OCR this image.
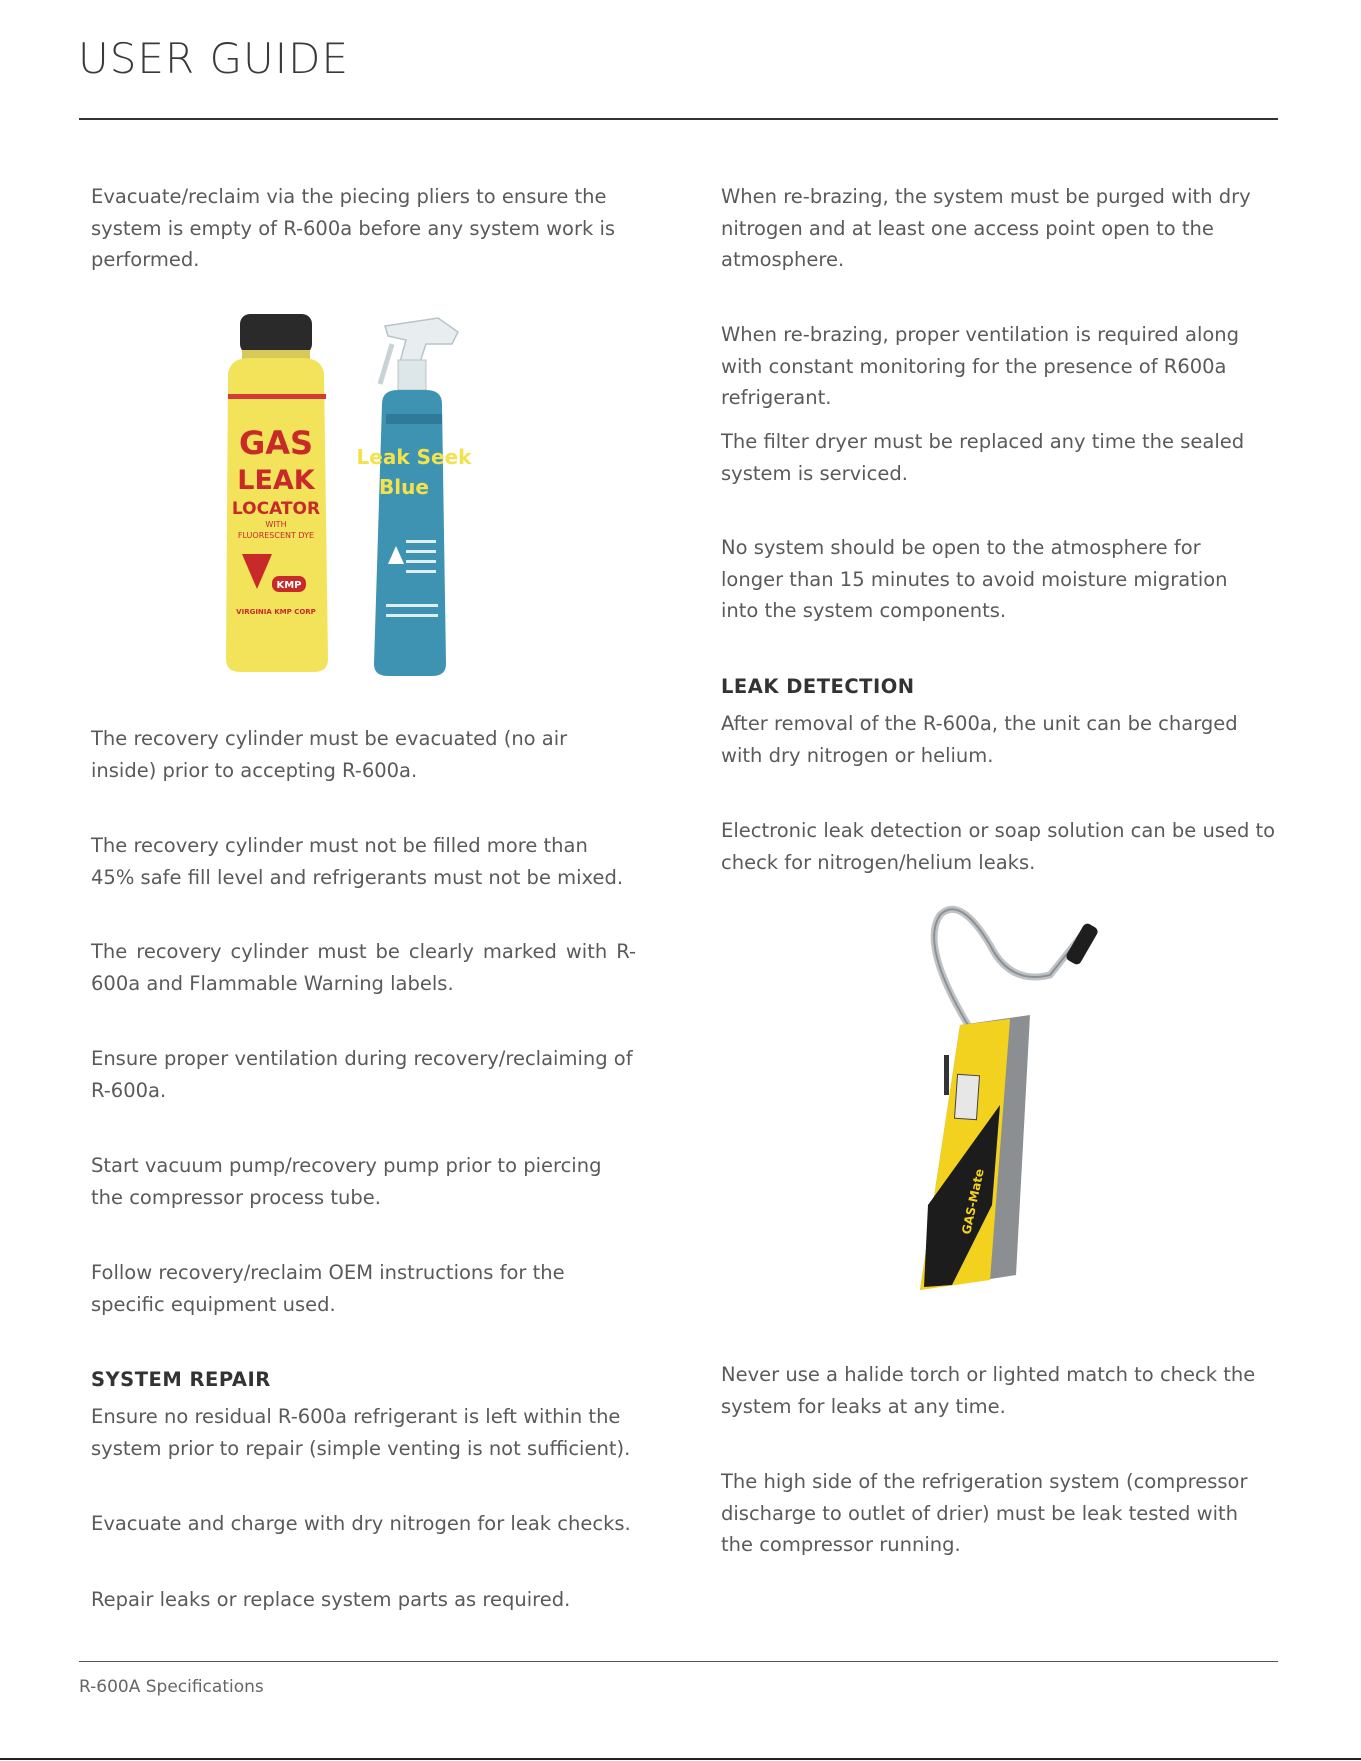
USER GUIDE

Evacuate/reclaim via the piecing pliers to ensure the system is empty of R-600a before any system work is performed.

GAS
LEAK
LOCATOR
WITH
FLUORESCENT DYE
KMP
VIRGINIA KMP CORP
Leak Seek
Blue

The recovery cylinder must be evacuated (no air inside) prior to accepting R-600a.

The recovery cylinder must not be filled more than 45% safe fill level and refrigerants must not be mixed.

The recovery cylinder must be clearly marked with R-600a and Flammable Warning labels.

Ensure proper ventilation during recovery/reclaiming of R-600a.

Start vacuum pump/recovery pump prior to piercing the compressor process tube.

Follow recovery/reclaim OEM instructions for the specific equipment used.

SYSTEM REPAIR

Ensure no residual R-600a refrigerant is left within the system prior to repair (simple venting is not sufficient).

Evacuate and charge with dry nitrogen for leak checks.

Repair leaks or replace system parts as required.

When re-brazing, the system must be purged with dry nitrogen and at least one access point open to the atmosphere.

When re-brazing, proper ventilation is required along with constant monitoring for the presence of R600a refrigerant.

The filter dryer must be replaced any time the sealed system is serviced.

No system should be open to the atmosphere for longer than 15 minutes to avoid moisture migration into the system components.

LEAK DETECTION

After removal of the R-600a, the unit can be charged with dry nitrogen or helium.

Electronic leak detection or soap solution can be used to check for nitrogen/helium leaks.

GAS-Mate

Never use a halide torch or lighted match to check the system for leaks at any time.

The high side of the refrigeration system (compressor discharge to outlet of drier) must be leak tested with the compressor running.

R-600A Specifications
